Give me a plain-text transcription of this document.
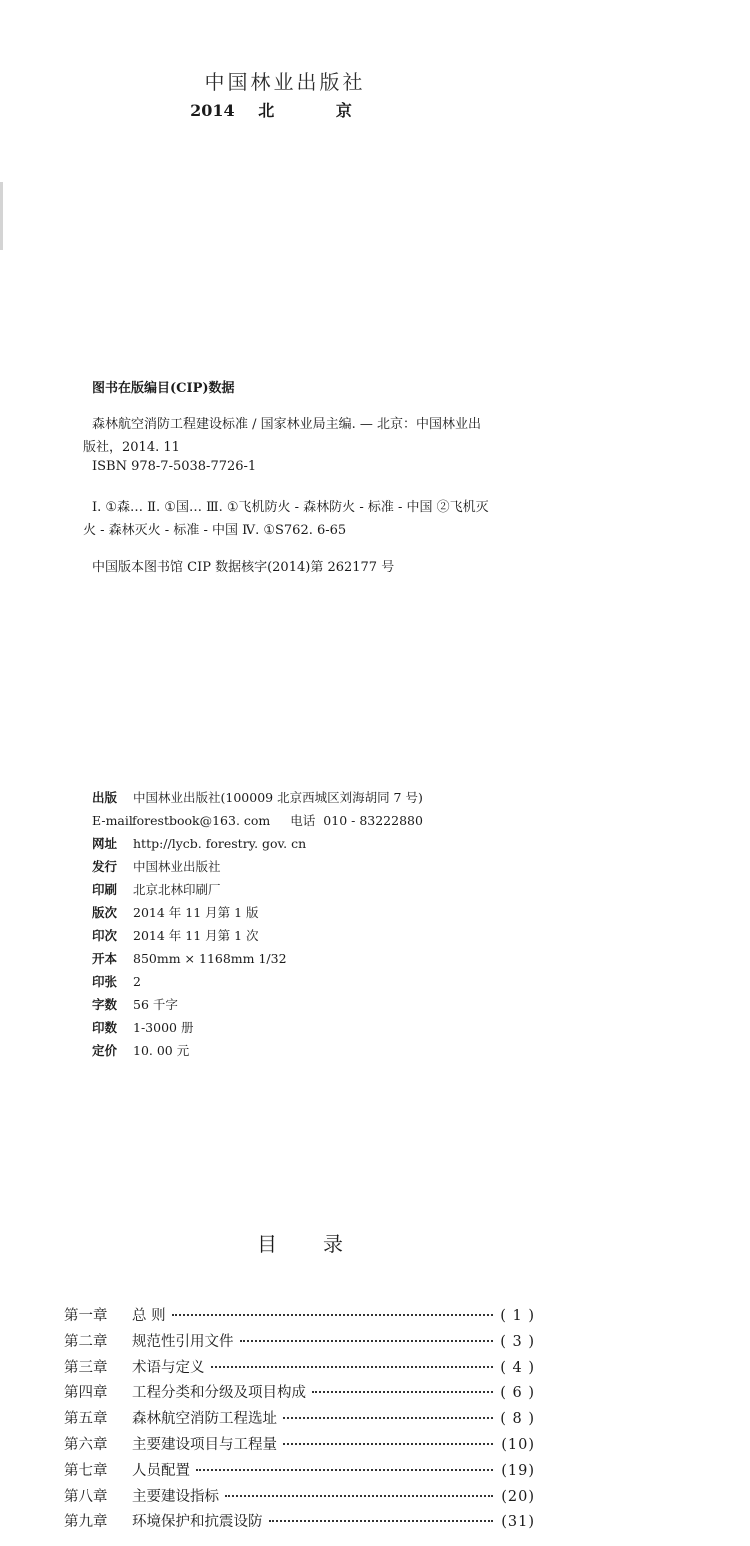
中国林业出版社
2014 北 京
图书在版编目(CIP)数据
森林航空消防工程建设标准 / 国家林业局主编. — 北京：中国林业出
版社，2014. 11
ISBN 978-7-5038-7726-1
Ⅰ. ①森… Ⅱ. ①国… Ⅲ. ①飞机防火 - 森林防火 - 标准 - 中国 ②飞机灭
火 - 森林灭火 - 标准 - 中国 Ⅳ. ①S762. 6-65
中国版本图书馆 CIP 数据核字(2014)第 262177 号
出版 中国林业出版社(100009 北京西城区刘海胡同 7 号)
E-mailforestbook@163. com 电话 010 - 83222880
网址 http://lycb. forestry. gov. cn
发行 中国林业出版社
印刷 北京北林印刷厂
版次 2014 年 11 月第 1 版
印次 2014 年 11 月第 1 次
开本 850mm × 1168mm 1/32
印张 2
字数 56 千字
印数 1-3000 册
定价 10. 00 元
目录
第一章	总 则	( 1 )
第二章	规范性引用文件	( 3 )
第三章	术语与定义	( 4 )
第四章	工程分类和分级及项目构成	( 6 )
第五章	森林航空消防工程选址	( 8 )
第六章	主要建设项目与工程量	(10)
第七章	人员配置	(19)
第八章	主要建设指标	(20)
第九章	环境保护和抗震设防	(31)
